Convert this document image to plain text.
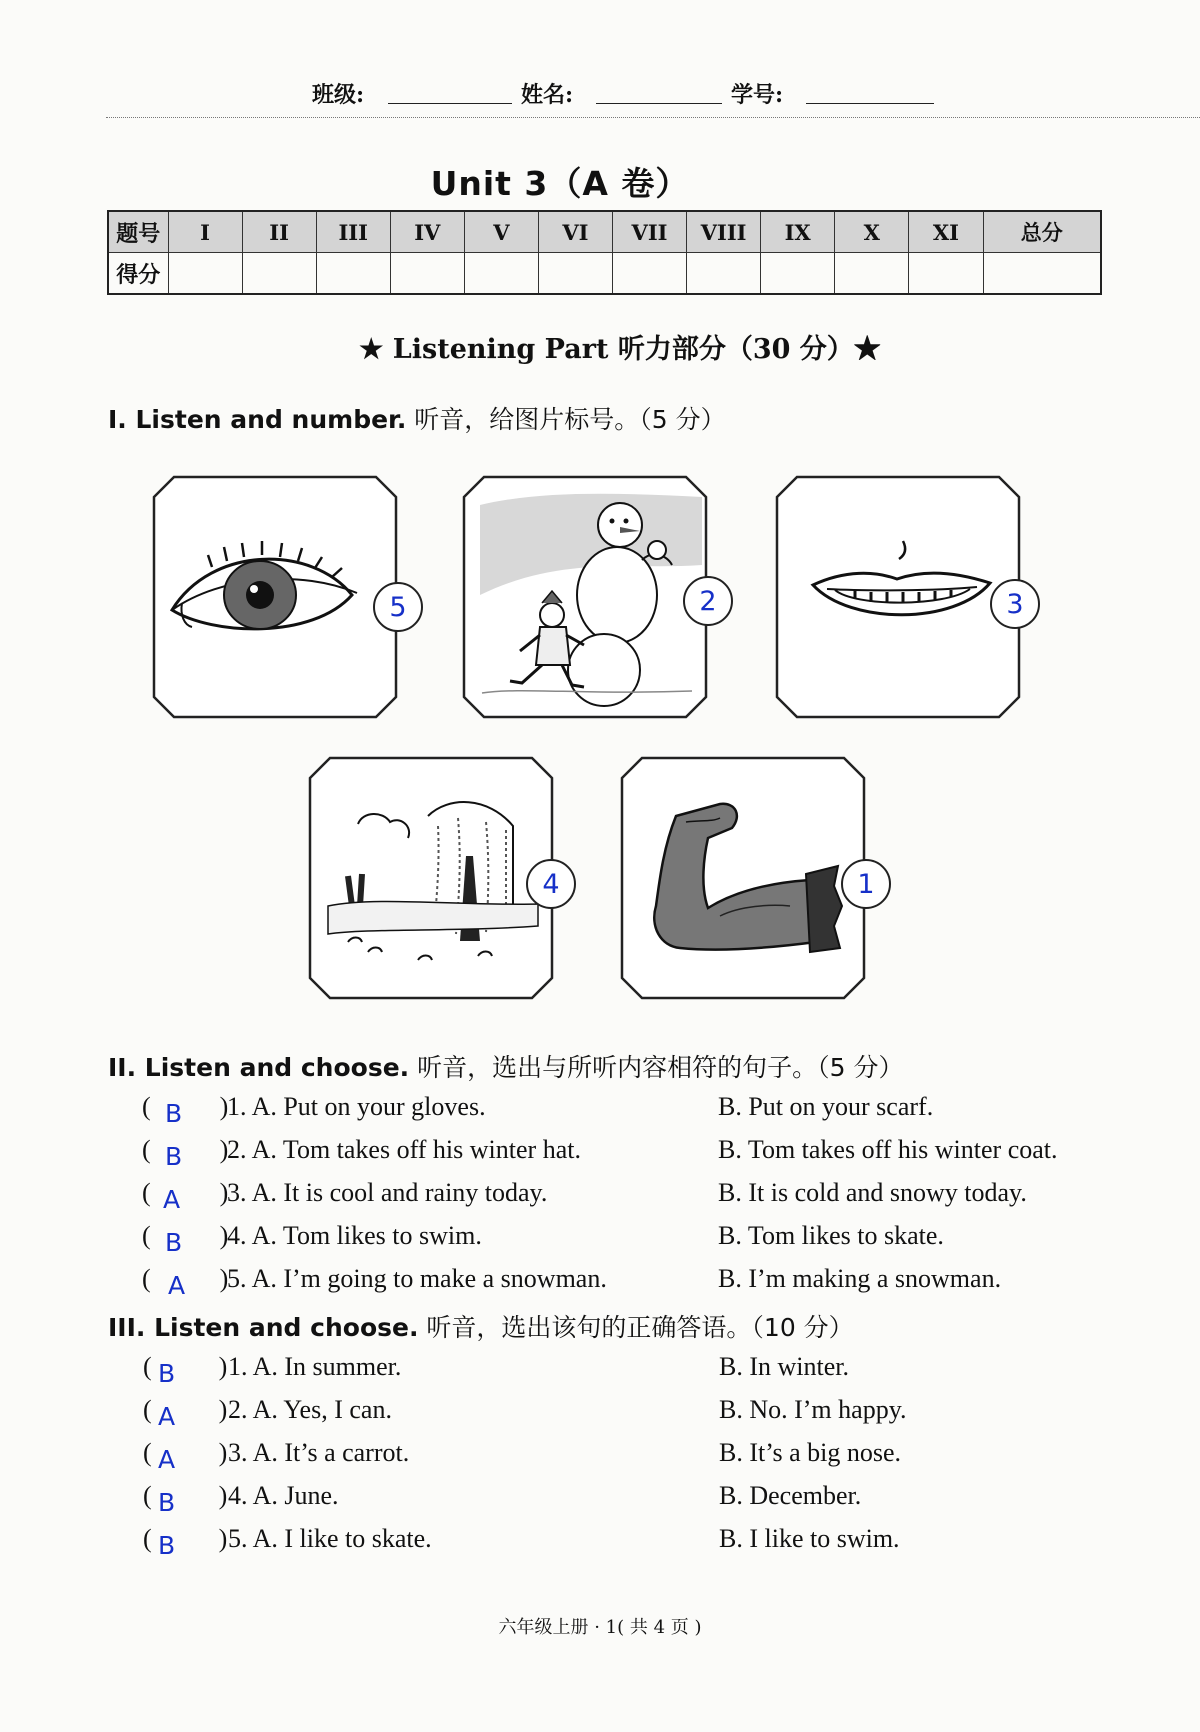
班级:	姓名:	学号:
Unit 3（A 卷）
题号	I	II	III	IV	V	VI	VII	VIII	IX	X	XI	总分
得分												
★ Listening Part 听力部分（30 分）★
I. Listen and number. 听音，给图片标号。（5 分）
5	2	3
4	1
II. Listen and choose. 听音，选出与所听内容相符的句子。（5 分）
(  )
B 1. A. Put on your gloves.	B. Put on your scarf.
(  )
B 2. A. Tom takes off his winter hat.	B. Tom takes off his winter coat.
(  )
A 3. A. It is cool and rainy today.	B. It is cold and snowy today.
(  )
B 4. A. Tom likes to swim.	B. Tom likes to skate.
(  )
A 5. A. I’m going to make a snowman.	B. I’m making a snowman.
III. Listen and choose. 听音，选出该句的正确答语。（10 分）
(  )
B 1. A. In summer.	B. In winter.
(  )
A 2. A. Yes, I can.	B. No. I’m happy.
(  )
A 3. A. It’s a carrot.	B. It’s a big nose.
(  )
B 4. A. June.	B. December.
(  )
B 5. A. I like to skate.	B. I like to swim.
六年级上册 · 1( 共 4 页 )
